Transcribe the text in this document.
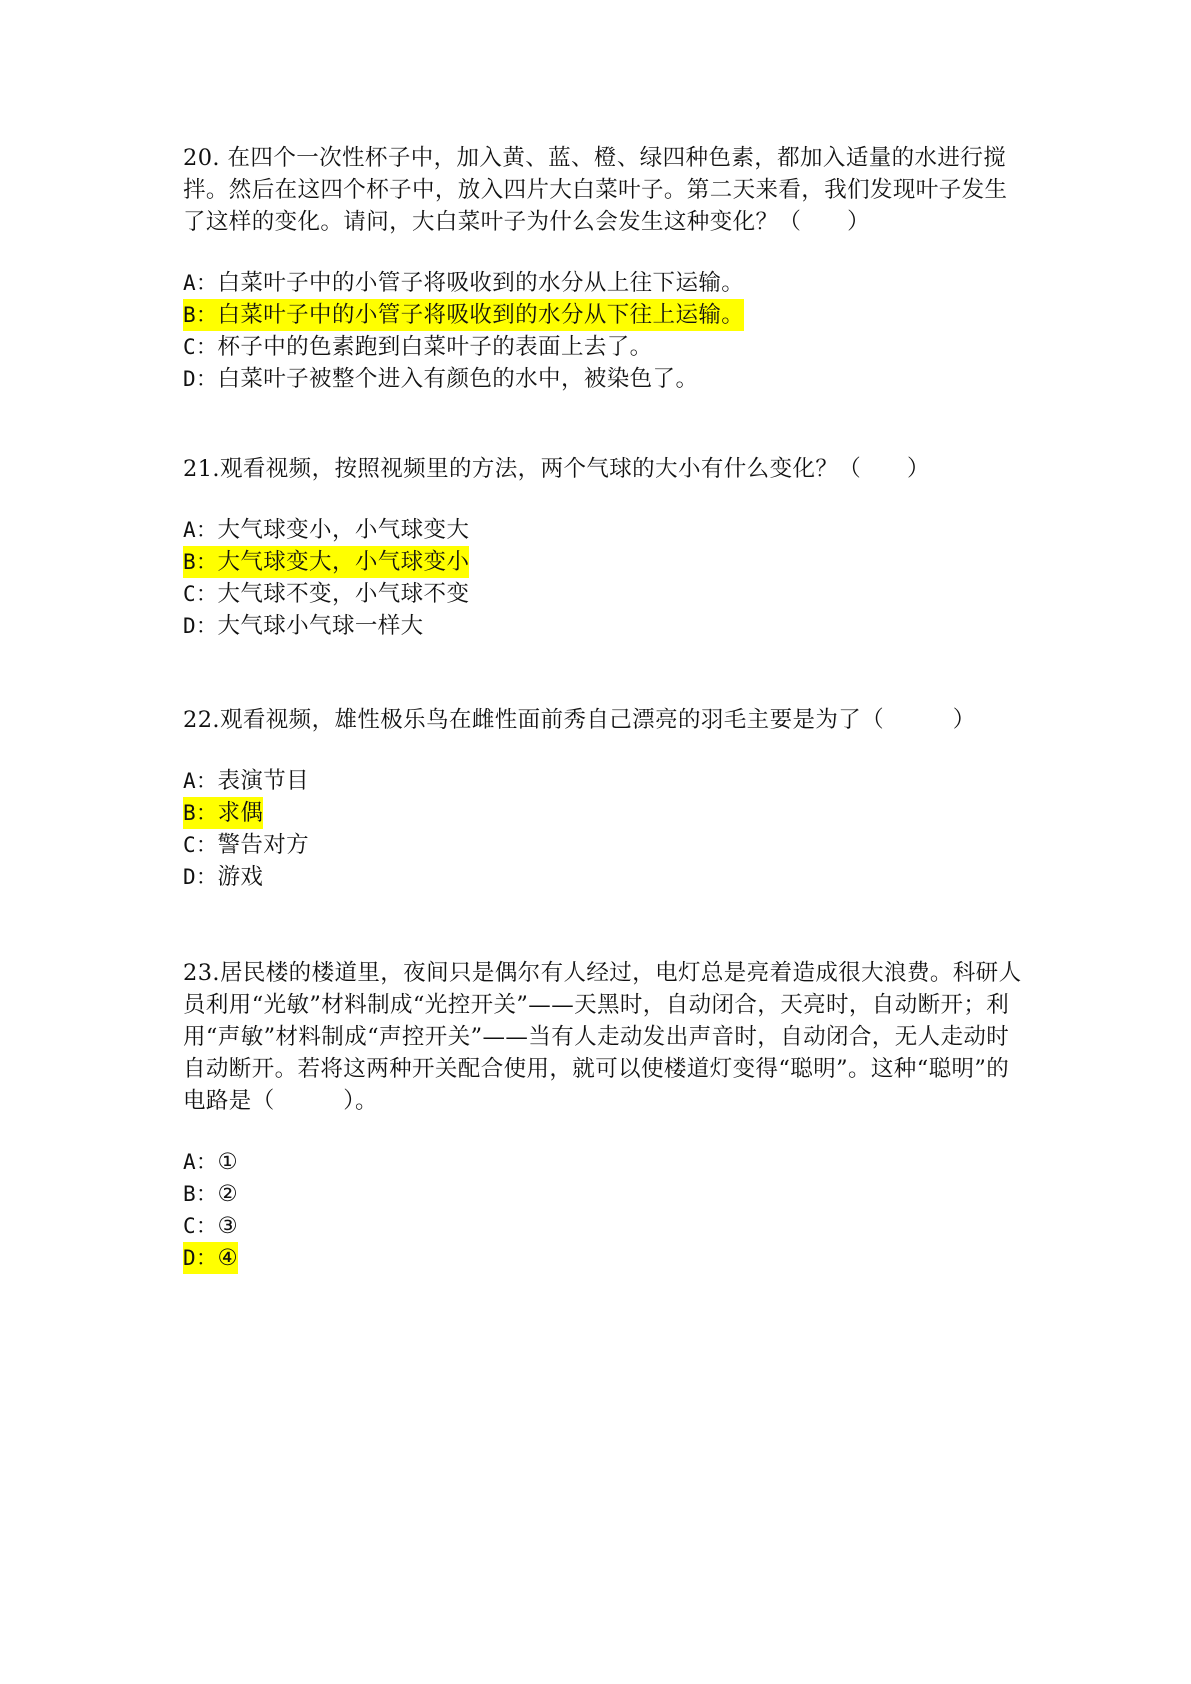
20. 在四个一次性杯子中，加入黄、蓝、橙、绿四种色素，都加入适量的水进行搅拌。然后在这四个杯子中，放入四片大白菜叶子。第二天来看，我们发现叶子发生了这样的变化。请问，大白菜叶子为什么会发生这种变化？（　　）

A：白菜叶子中的小管子将吸收到的水分从上往下运输。
B：白菜叶子中的小管子将吸收到的水分从下往上运输。
C：杯子中的色素跑到白菜叶子的表面上去了。
D：白菜叶子被整个进入有颜色的水中，被染色了。

21.观看视频，按照视频里的方法，两个气球的大小有什么变化？（　　）

A：大气球变小，小气球变大
B：大气球变大，小气球变小
C：大气球不变，小气球不变
D：大气球小气球一样大

22.观看视频，雄性极乐鸟在雌性面前秀自己漂亮的羽毛主要是为了（　　　）

A：表演节目
B：求偶
C：警告对方
D：游戏

23.居民楼的楼道里，夜间只是偶尔有人经过，电灯总是亮着造成很大浪费。科研人员利用“光敏”材料制成“光控开关”——天黑时，自动闭合，天亮时，自动断开；利用“声敏”材料制成“声控开关”——当有人走动发出声音时，自动闭合，无人走动时自动断开。若将这两种开关配合使用，就可以使楼道灯变得“聪明”。这种“聪明”的电路是（　　　）。

A：①
B：②
C：③
D：④
